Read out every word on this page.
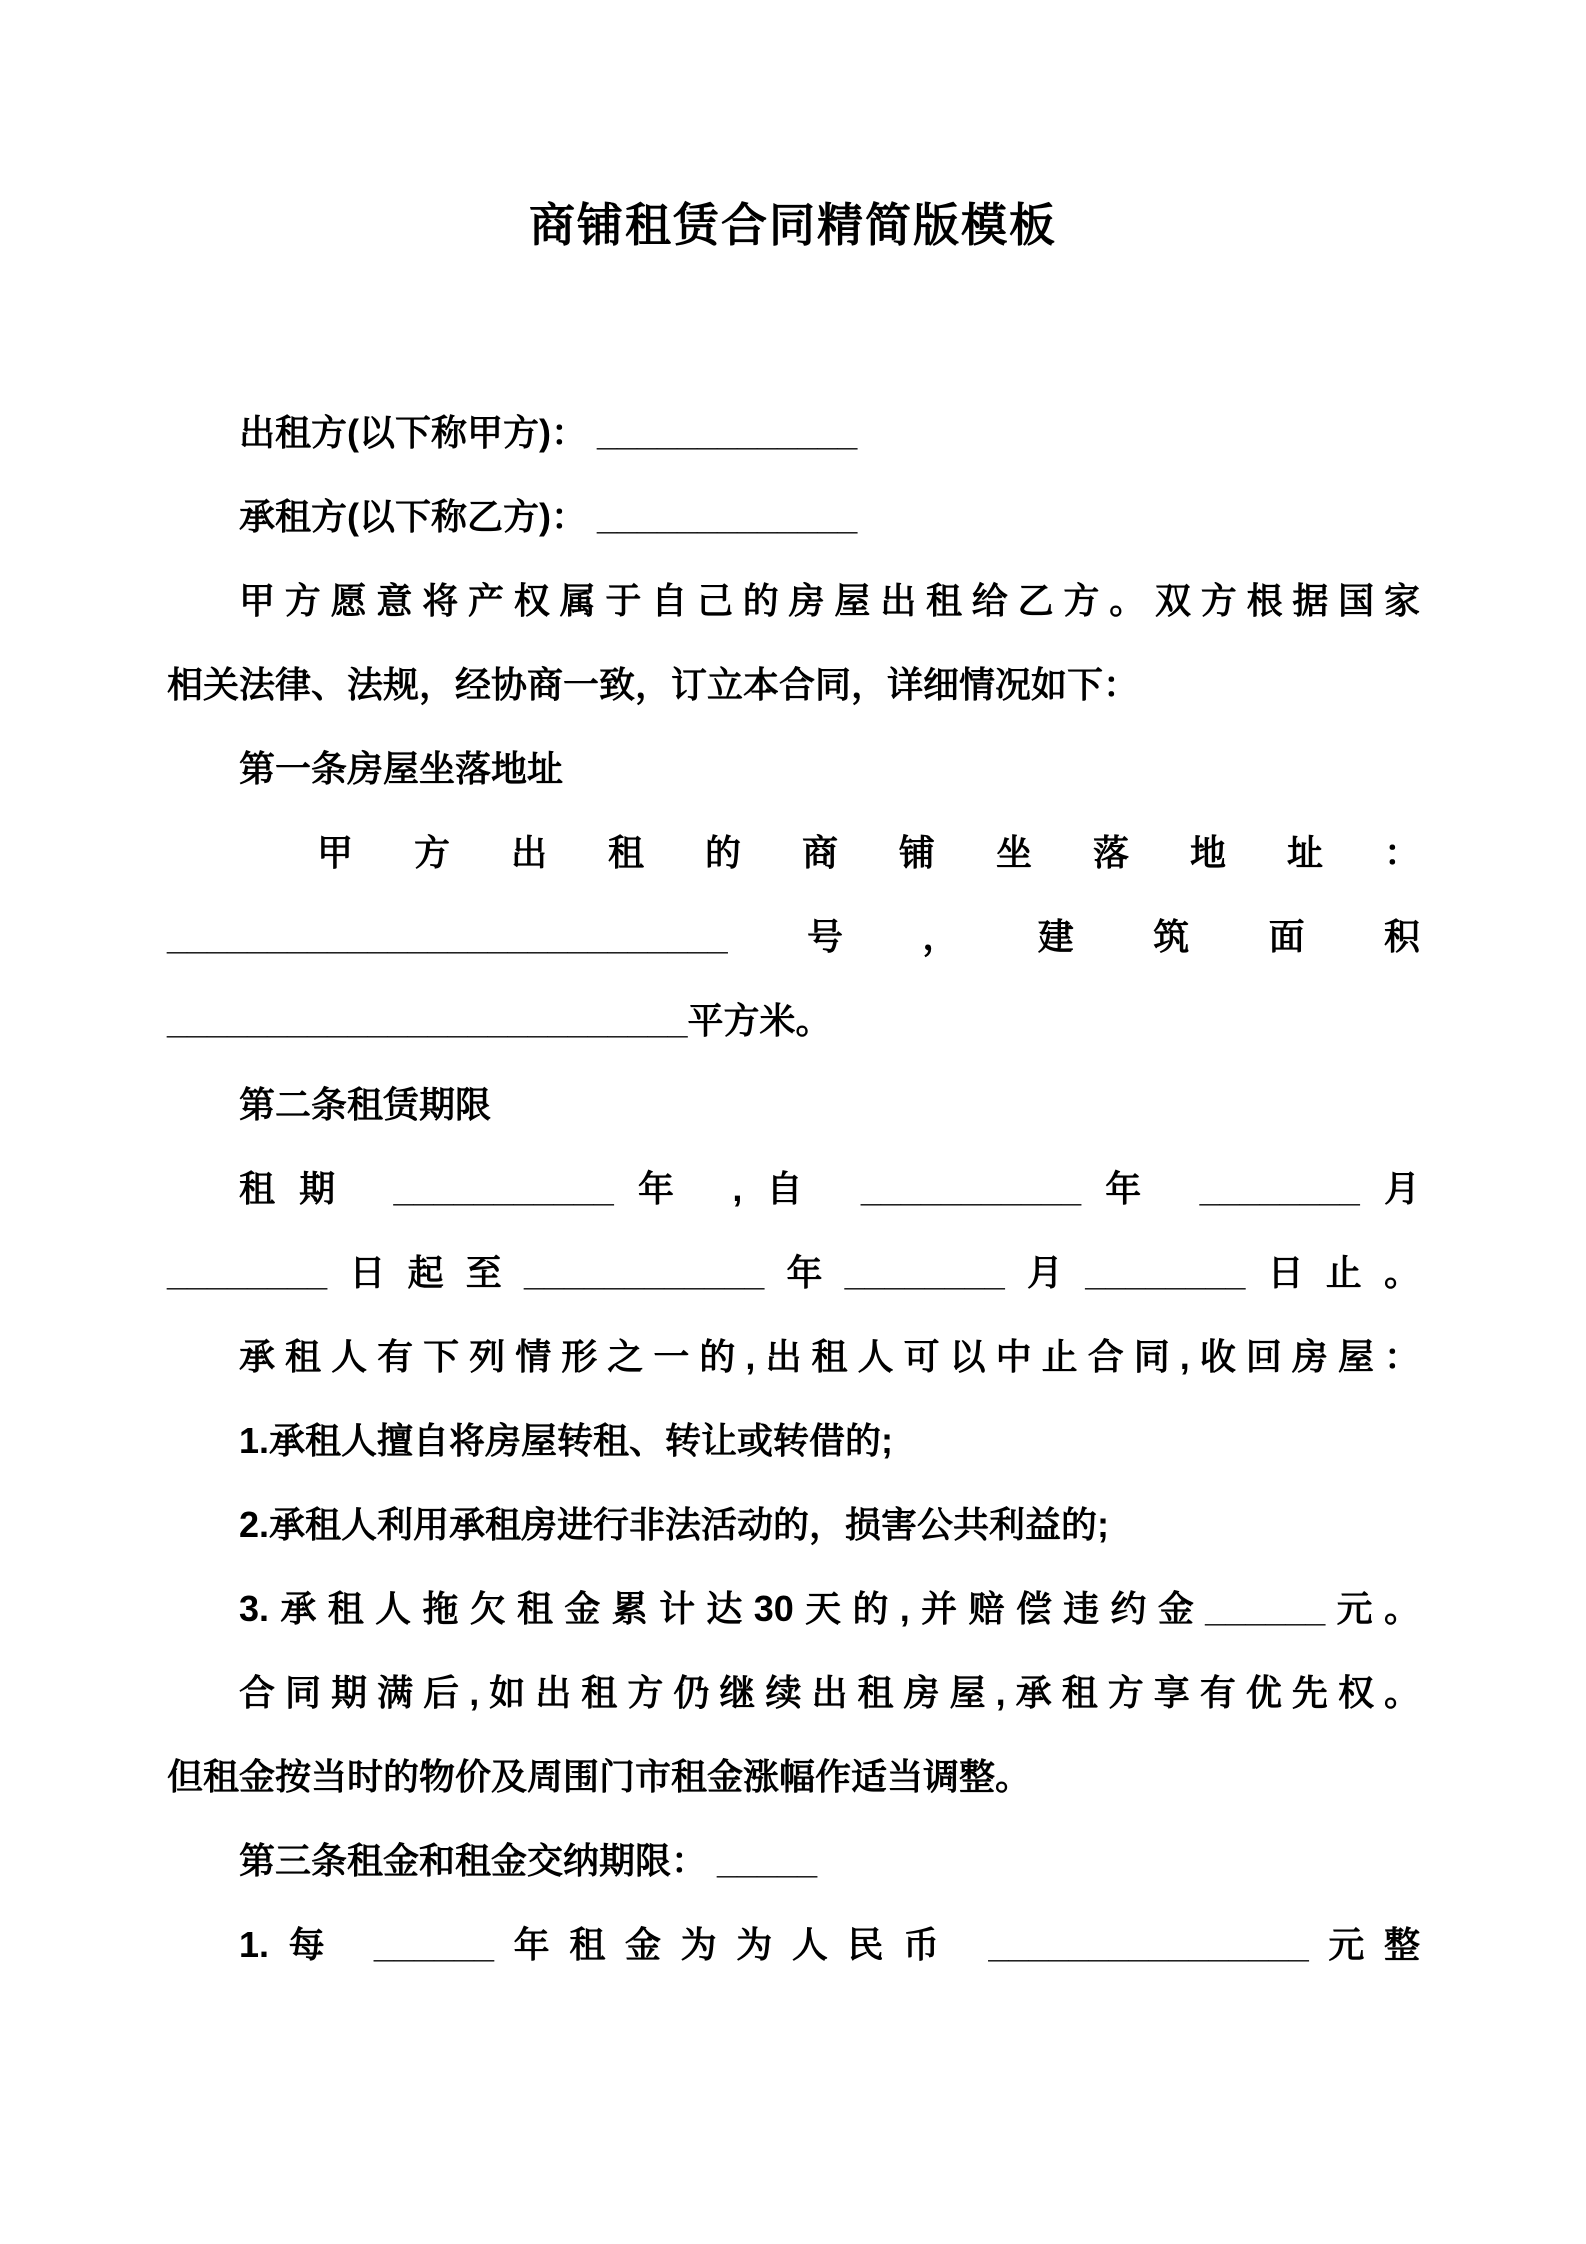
商铺租赁合同精简版模板
出租方(以下称甲方)： _____________
承租方(以下称乙方)： _____________
甲方愿意将产权属于自己的房屋出租给乙方。双方根据国家
相关法律、法规，经协商一致，订立本合同，详细情况如下：
第一条房屋坐落地址
甲方出租的商铺坐落地址：
____________________________号，建筑面积
__________________________平方米。
第二条租赁期限
租期 ___________年 ,自 ___________年 ________月
________日起至____________年________月________日止。
承租人有下列情形之一的,出租人可以中止合同,收回房屋：
1.承租人擅自将房屋转租、转让或转借的;
2.承租人利用承租房进行非法活动的，损害公共利益的;
3.承租人拖欠租金累计达30天的,并赔偿违约金______元。
合同期满后,如出租方仍继续出租房屋,承租方享有优先权。
但租金按当时的物价及周围门市租金涨幅作适当调整。
第三条租金和租金交纳期限： _____
1.每 ______年租金为为人民币 ________________元整
